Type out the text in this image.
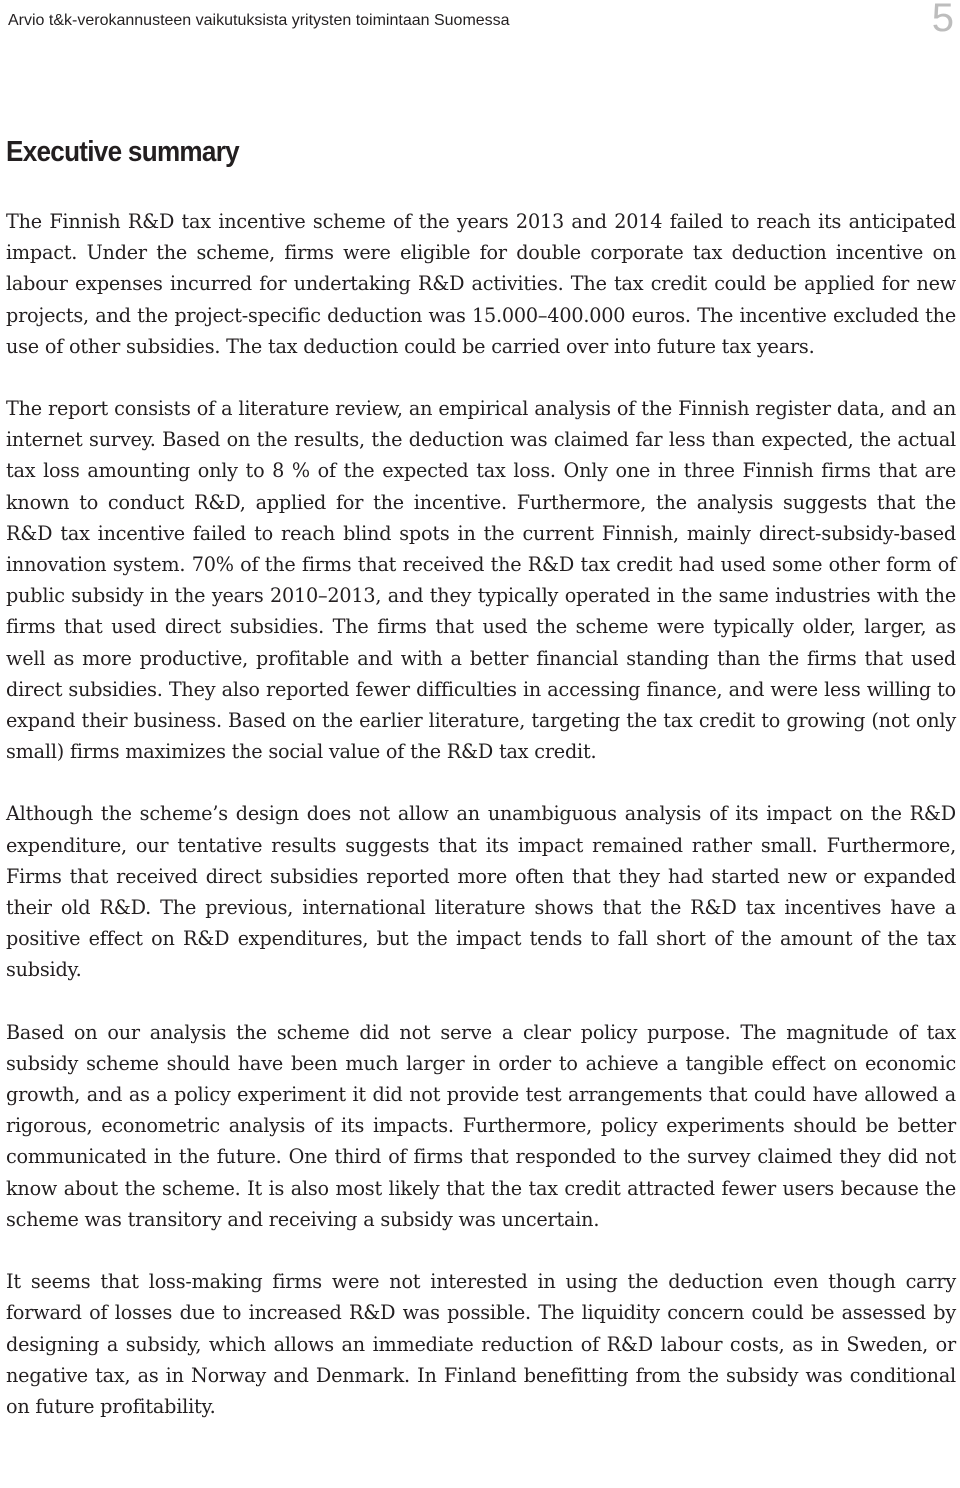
Arvio t&k-verokannusteen vaikutuksista yritysten toimintaan Suomessa	5
Executive summary

The Finnish R&D tax incentive scheme of the years 2013 and 2014 failed to reach its anticipated impact. Under the scheme, firms were eligible for double corporate tax deduction incentive on labour expenses incurred for undertaking R&D activities. The tax credit could be applied for new projects, and the project-specific deduction was 15.000–400.000 euros. The incentive excluded the use of other subsidies. The tax deduction could be carried over into future tax years.

The report consists of a literature review, an empirical analysis of the Finnish register data, and an internet survey. Based on the results, the deduction was claimed far less than expected, the actual tax loss amounting only to 8 % of the expected tax loss. Only one in three Finnish firms that are known to conduct R&D, applied for the incentive. Furthermore, the analysis suggests that the R&D tax incentive failed to reach blind spots in the current Finnish, mainly direct-subsidy-based innovation system. 70% of the firms that received the R&D tax credit had used some other form of public subsidy in the years 2010–2013, and they typically operated in the same industries with the firms that used direct subsidies. The firms that used the scheme were typically older, larger, as well as more productive, profitable and with a better financial standing than the firms that used direct subsidies. They also reported fewer difficulties in accessing finance, and were less willing to expand their business. Based on the earlier literature, targeting the tax credit to growing (not only small) firms maximizes the social value of the R&D tax credit.

Although the scheme’s design does not allow an unambiguous analysis of its impact on the R&D expenditure, our tentative results suggests that its impact remained rather small. Furthermore, Firms that received direct subsidies reported more often that they had started new or expanded their old R&D. The previous, international literature shows that the R&D tax incentives have a positive effect on R&D expenditures, but the impact tends to fall short of the amount of the tax subsidy.

Based on our analysis the scheme did not serve a clear policy purpose. The magnitude of tax subsidy scheme should have been much larger in order to achieve a tangible effect on economic growth, and as a policy experiment it did not provide test arrangements that could have allowed a rigorous, econometric analysis of its impacts. Furthermore, policy experiments should be better communicated in the future. One third of firms that responded to the survey claimed they did not know about the scheme. It is also most likely that the tax credit attracted fewer users because the scheme was transitory and receiving a subsidy was uncertain.

It seems that loss-making firms were not interested in using the deduction even though carry forward of losses due to increased R&D was possible. The liquidity concern could be assessed by designing a subsidy, which allows an immediate reduction of R&D labour costs, as in Sweden, or negative tax, as in Norway and Denmark. In Finland benefitting from the subsidy was conditional on future profitability.
